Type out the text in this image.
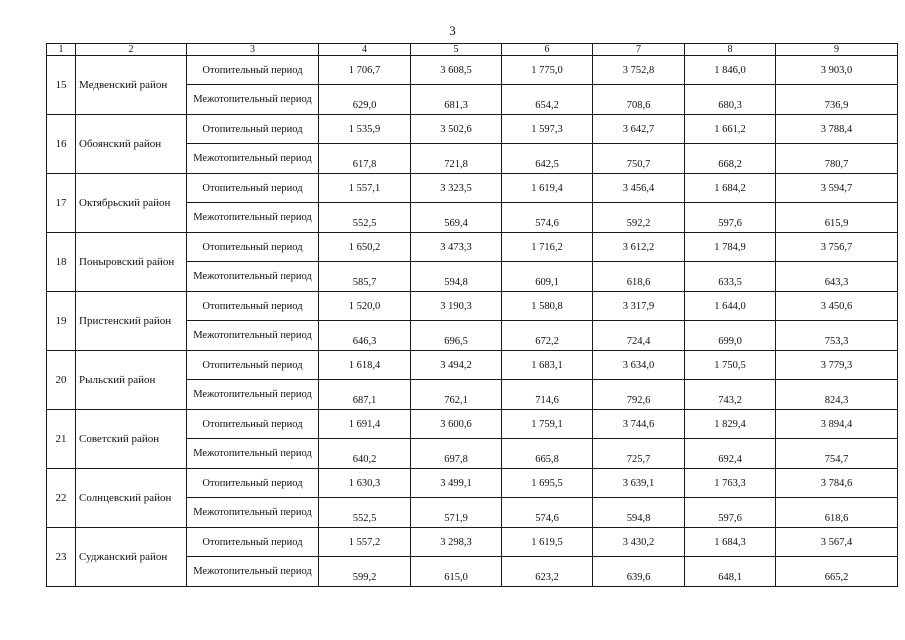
3
1	2	3	4	5	6	7	8	9
15	Медвенский район	Отопительный период	1 706,7	3 608,5	1 775,0	3 752,8	1 846,0	3 903,0

		Межотопительный период	629,0	681,3	654,2	708,6	680,3	736,9
16	Обоянский район	Отопительный период	1 535,9	3 502,6	1 597,3	3 642,7	1 661,2	3 788,4

		Межотопительный период	617,8	721,8	642,5	750,7	668,2	780,7
17	Октябрьский район	Отопительный период	1 557,1	3 323,5	1 619,4	3 456,4	1 684,2	3 594,7

		Межотопительный период	552,5	569,4	574,6	592,2	597,6	615,9
18	Поныровский район	Отопительный период	1 650,2	3 473,3	1 716,2	3 612,2	1 784,9	3 756,7

		Межотопительный период	585,7	594,8	609,1	618,6	633,5	643,3
19	Пристенский район	Отопительный период	1 520,0	3 190,3	1 580,8	3 317,9	1 644,0	3 450,6

		Межотопительный период	646,3	696,5	672,2	724,4	699,0	753,3
20	Рыльский район	Отопительный период	1 618,4	3 494,2	1 683,1	3 634,0	1 750,5	3 779,3

		Межотопительный период	687,1	762,1	714,6	792,6	743,2	824,3
21	Советский район	Отопительный период	1 691,4	3 600,6	1 759,1	3 744,6	1 829,4	3 894,4

		Межотопительный период	640,2	697,8	665,8	725,7	692,4	754,7
22	Солнцевский район	Отопительный период	1 630,3	3 499,1	1 695,5	3 639,1	1 763,3	3 784,6

		Межотопительный период	552,5	571,9	574,6	594,8	597,6	618,6
23	Суджанский район	Отопительный период	1 557,2	3 298,3	1 619,5	3 430,2	1 684,3	3 567,4

		Межотопительный период	599,2	615,0	623,2	639,6	648,1	665,2
